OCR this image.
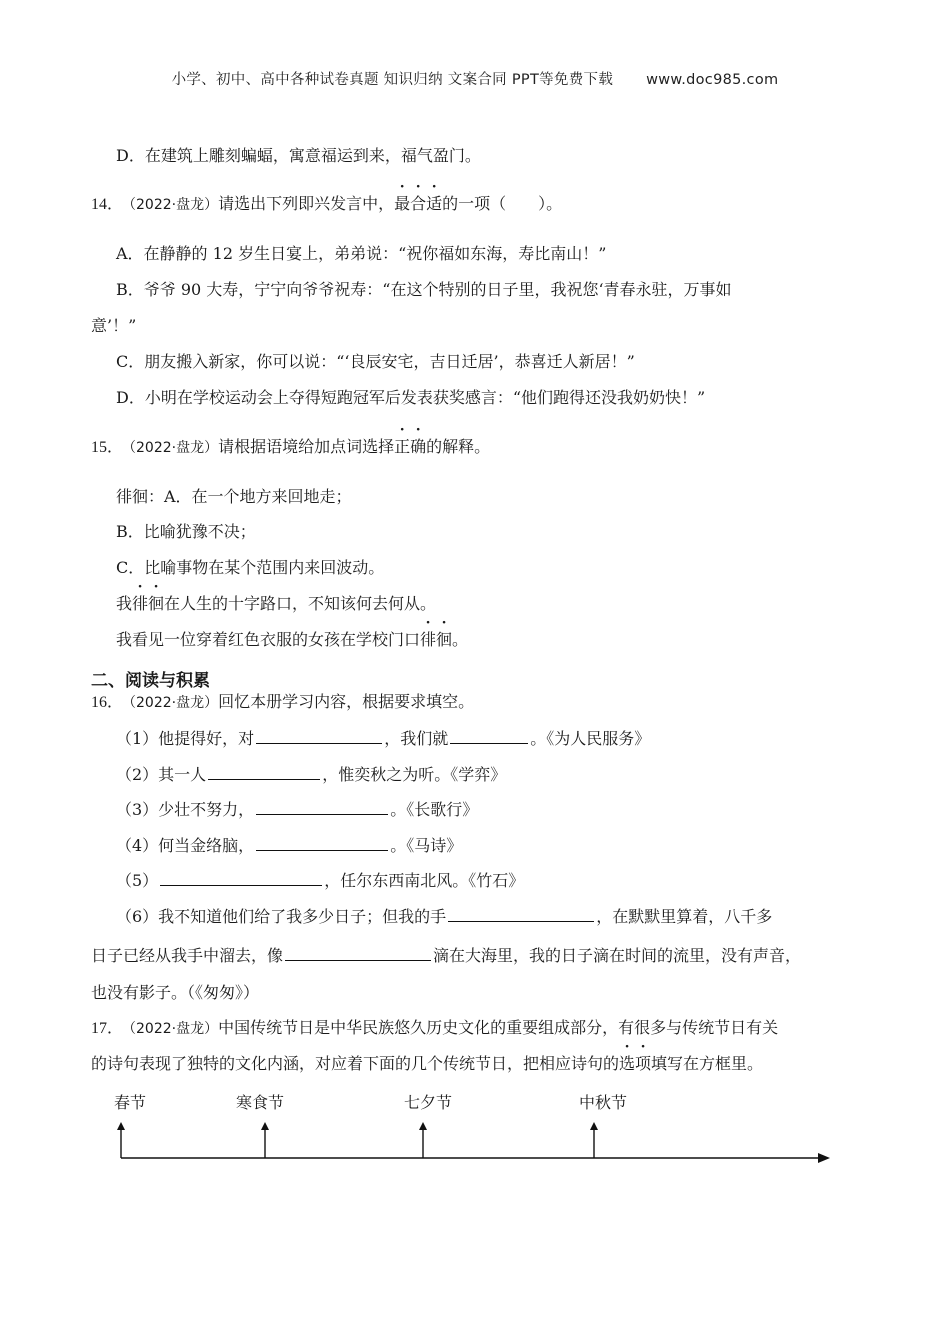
小学、初中、高中各种试卷真题 知识归纳 文案合同 PPT等免费下载 www.doc985.com
D．在建筑上雕刻蝙蝠，寓意福运到来，福气盈门。
14． （2022·盘龙）请选出下列即兴发言中，最合适的一项（　　）。
A．在静静的 12 岁生日宴上，弟弟说：“祝你福如东海，寿比南山！”
B．爷爷 90 大寿，宁宁向爷爷祝寿：“在这个特别的日子里，我祝您‘青春永驻，万事如
意’！”
C．朋友搬入新家，你可以说：“‘良辰安宅，吉日迁居’，恭喜迁人新居！”
D．小明在学校运动会上夺得短跑冠军后发表获奖感言：“他们跑得还没我奶奶快！”
15． （2022·盘龙）请根据语境给加点词选择正确的解释。
徘徊：A．在一个地方来回地走；
B．比喻犹豫不决；
C．比喻事物在某个范围内来回波动。
我徘徊在人生的十字路口，不知该何去何从。
我看见一位穿着红色衣服的女孩在学校门口徘徊。
二、阅读与积累
16． （2022·盘龙）回忆本册学习内容，根据要求填空。
（1）他提得好，对	，我们就	。《为人民服务》
（2）其一人	，惟奕秋之为听。《学弈》
（3）少壮不努力，	。《长歌行》
（4）何当金络脑，	。《马诗》
（5）	，任尔东西南北风。《竹石》
（6）我不知道他们给了我多少日子；但我的手	，在默默里算着，八千多
日子已经从我手中溜去，像	滴在大海里，我的日子滴在时间的流里，没有声音，
也没有影子。（《匆匆》）
17． （2022·盘龙）中国传统节日是中华民族悠久历史文化的重要组成部分，有很多与传统节日有关
的诗句表现了独特的文化内涵，对应着下面的几个传统节日，把相应诗句的选项填写在方框里。
春节	寒食节	七夕节	中秋节
